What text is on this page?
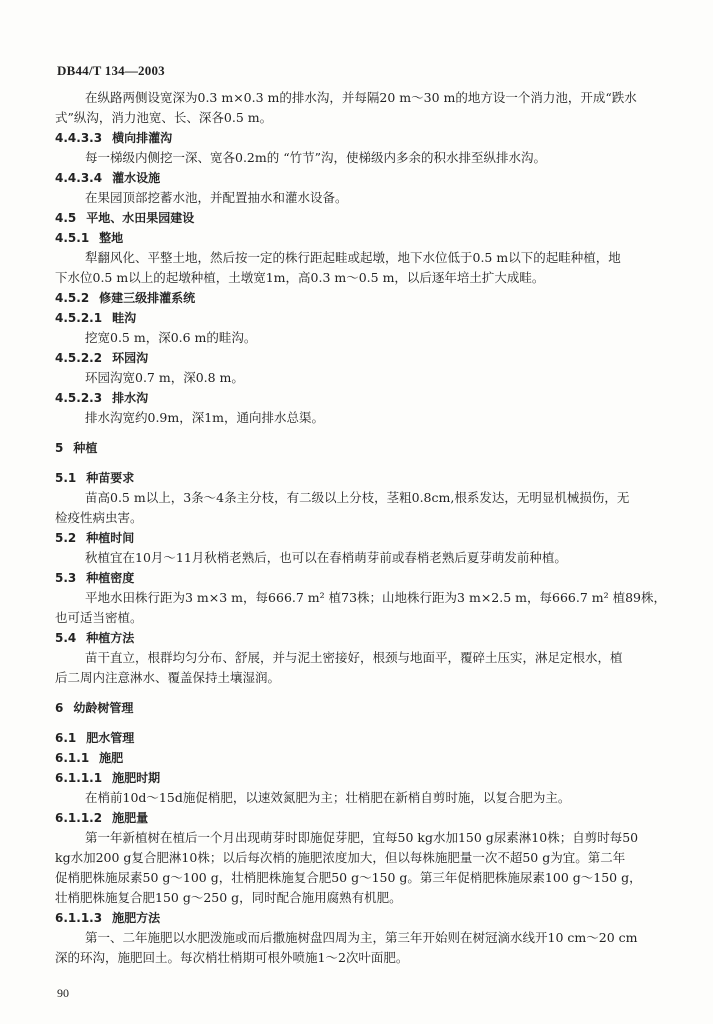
DB44/T 134—2003
在纵路两侧设宽深为0.3 m×0.3 m的排水沟，并每隔20 m～30 m的地方设一个消力池，开成“跌水
式”纵沟，消力池宽、长、深各0.5 m。
4.4.3.3 横向排灌沟
每一梯级内侧挖一深、宽各0.2m的 “竹节”沟，使梯级内多余的积水排至纵排水沟。
4.4.3.4 灌水设施
在果园顶部挖蓄水池，并配置抽水和灌水设备。
4.5 平地、水田果园建设
4.5.1 整地
犁翻风化、平整土地，然后按一定的株行距起畦或起墩，地下水位低于0.5 m以下的起畦种植，地
下水位0.5 m以上的起墩种植，土墩宽1m，高0.3 m～0.5 m，以后逐年培土扩大成畦。
4.5.2 修建三级排灌系统
4.5.2.1 畦沟
挖宽0.5 m，深0.6 m的畦沟。
4.5.2.2 环园沟
环园沟宽0.7 m，深0.8 m。
4.5.2.3 排水沟
排水沟宽约0.9m，深1m，通向排水总渠。
5 种植
5.1 种苗要求
苗高0.5 m以上，3条～4条主分枝，有二级以上分枝，茎粗0.8cm,根系发达，无明显机械损伤，无
检疫性病虫害。
5.2 种植时间
秋植宜在10月～11月秋梢老熟后，也可以在春梢萌芽前或春梢老熟后夏芽萌发前种植。
5.3 种植密度
平地水田株行距为3 m×3 m，每666.7 m² 植73株；山地株行距为3 m×2.5 m，每666.7 m² 植89株，
也可适当密植。
5.4 种植方法
苗干直立，根群均匀分布、舒展，并与泥土密接好，根颈与地面平，覆碎土压实，淋足定根水，植
后二周内注意淋水、覆盖保持土壤湿润。
6 幼龄树管理
6.1 肥水管理
6.1.1 施肥
6.1.1.1 施肥时期
在梢前10d～15d施促梢肥，以速效氮肥为主；壮梢肥在新梢自剪时施，以复合肥为主。
6.1.1.2 施肥量
第一年新植树在植后一个月出现萌芽时即施促芽肥，宜每50 kg水加150 g尿素淋10株；自剪时每50
kg水加200 g复合肥淋10株；以后每次梢的施肥浓度加大，但以每株施肥量一次不超50 g为宜。第二年
促梢肥株施尿素50 g～100 g，壮梢肥株施复合肥50 g～150 g。第三年促梢肥株施尿素100 g～150 g，
壮梢肥株施复合肥150 g～250 g，同时配合施用腐熟有机肥。
6.1.1.3 施肥方法
第一、二年施肥以水肥泼施或而后撒施树盘四周为主，第三年开始则在树冠滴水线开10 cm～20 cm
深的环沟，施肥回土。每次梢壮梢期可根外喷施1～2次叶面肥。
90
